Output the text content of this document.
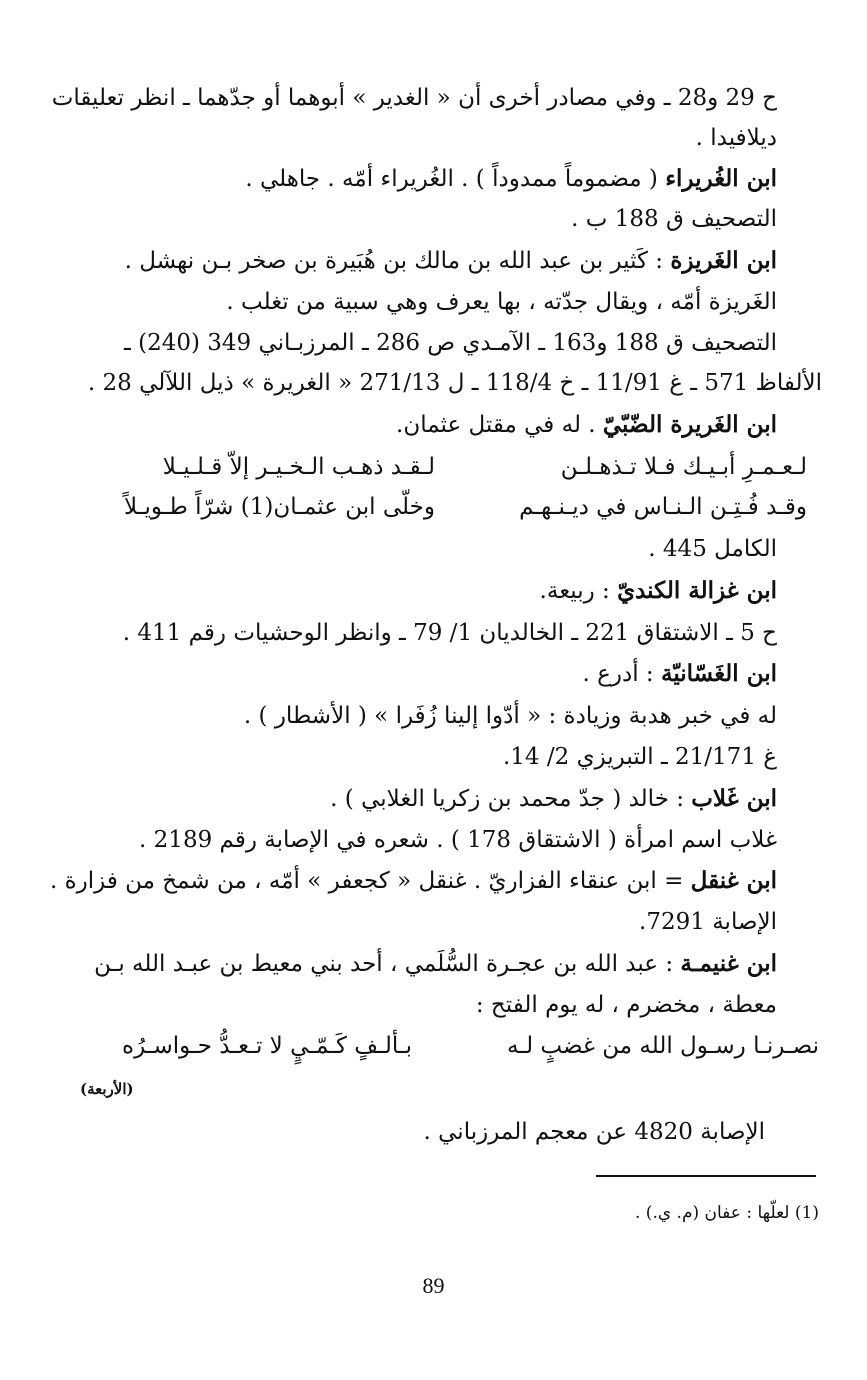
ح 29 و28 ـ وفي مصادر أخرى أن « الغدير » أبوهما أو جدّهما ـ انظر تعليقات
ديلافيدا .
ابن الغُريراء ( مضموماً ممدوداً ) . الغُريراء أمّه . جاهلي .
التصحيف ق 188 ب .
ابن الغَريزة : كَثير بن عبد الله بن مالك بن هُبَيرة بن صخر بـن نهشل .
الغَريزة أمّه ، ويقال جدّته ، بها يعرف وهي سبية من تغلب .
التصحيف ق 188 و163 ـ الآمـدي ص 286 ـ المرزبـاني 349 (240) ـ
الألفاظ 571 ـ غ 11/91 ـ خ 118/4 ـ ل 271/13 « الغريرة » ذيل اللآلي 28 .
ابن الغَريرة الضّبّيّ . له في مقتل عثمان.
لـعـمـرِ أبـيـك فـلا تـذهـلـن
لـقـد ذهـب الـخـيـر إلاّ قـلـيـلا
وقـد فُـتِـن الـنـاس في ديـنـهـم
وخلّى ابن عثمـان(1) شرّاً طـويـلاً
الكامل 445 .
ابن غزالة الكنديّ : ربيعة.
ح 5 ـ الاشتقاق 221 ـ الخالديان 1/ 79 ـ وانظر الوحشيات رقم 411 .
ابن الغَسّانيّة : أدرع .
له في خبر هدبة وزيادة : « أدّوا إلينا زُفَرا » ( الأشطار ) .
غ 21/171 ـ التبريزي 2/ 14.
ابن غَلاب : خالد ( جدّ محمد بن زكريا الغلابي ) .
غلاب اسم امرأة ( الاشتقاق 178 ) . شعره في الإصابة رقم 2189 .
ابن غنقل = ابن عنقاء الفزاريّ . غنقل « كجعفر » أمّه ، من شمخ من فزارة .
الإصابة 7291.
ابن غنيمـة : عبد الله بن عجـرة السُّلَمي ، أحد بني معيط بن عبـد الله بـن
معطة ، مخضرم ، له يوم الفتح :
نصـرنـا رسـول الله من غضبٍ لـه
بـألـفٍ كَـمّـيٍ لا تـعـدُّ حـواسـرُه
(الأربعة)
الإصابة 4820 عن معجم المرزباني .
(1) لعلّها : عفان (م. ي.) .
89
